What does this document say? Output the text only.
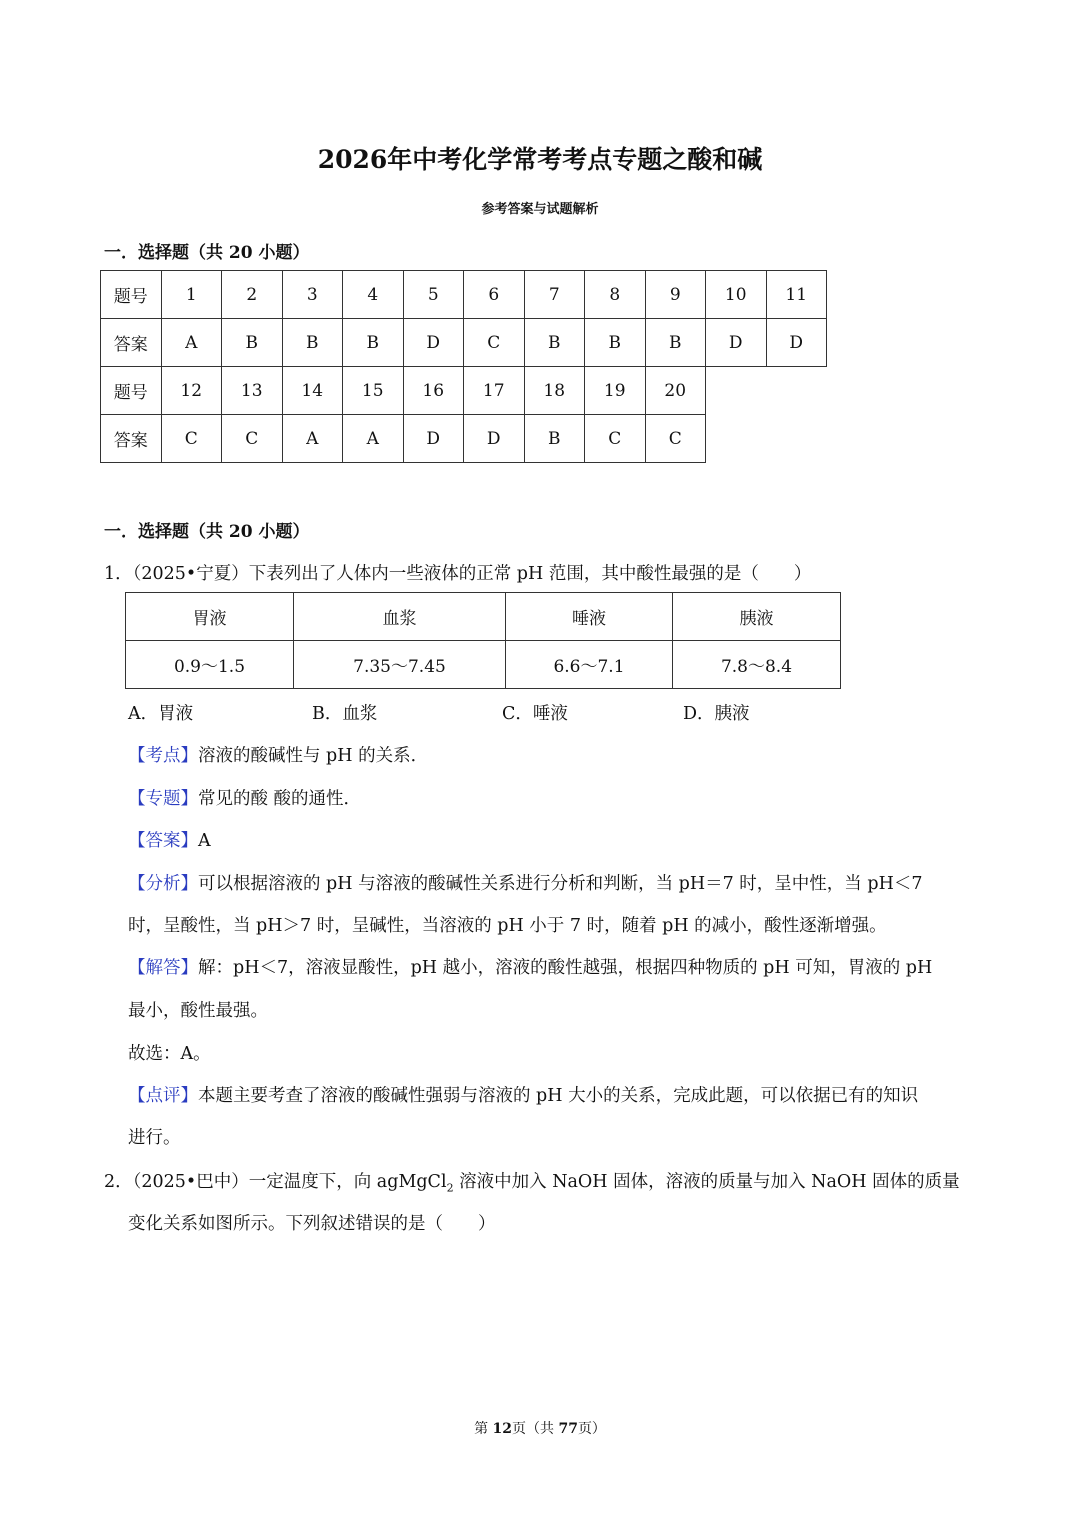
2026年中考化学常考考点专题之酸和碱
参考答案与试题解析
一．选择题（共 20 小题）
题号	1	2	3	4	5	6	7	8	9	10	11
答案	A	B	B	B	D	C	B	B	B	D	D
题号	12	13	14	15	16	17	18	19	20		
答案	C	C	A	A	D	D	B	C	C		
一．选择题（共 20 小题）
1．（2025•宁夏）下表列出了人体内一些液体的正常 pH 范围，其中酸性最强的是（　　）
胃液	血浆	唾液	胰液
0.9～1.5	7.35～7.45	6.6～7.1	7.8～8.4
A．胃液	B．血浆	C．唾液	D．胰液
【考点】溶液的酸碱性与 pH 的关系．
【专题】常见的酸 酸的通性．
【答案】A
【分析】可以根据溶液的 pH 与溶液的酸碱性关系进行分析和判断，当 pH＝7 时，呈中性，当 pH＜7
时，呈酸性，当 pH＞7 时，呈碱性，当溶液的 pH 小于 7 时，随着 pH 的减小，酸性逐渐增强。
【解答】解：pH＜7，溶液显酸性，pH 越小，溶液的酸性越强，根据四种物质的 pH 可知，胃液的 pH
最小，酸性最强。
故选：A。
【点评】本题主要考查了溶液的酸碱性强弱与溶液的 pH 大小的关系，完成此题，可以依据已有的知识
进行。
2．（2025•巴中）一定温度下，向 agMgCl$_2$ 溶液中加入 NaOH 固体，溶液的质量与加入 NaOH 固体的质量
变化关系如图所示。下列叙述错误的是（　　）
第 12页（共 77页）
